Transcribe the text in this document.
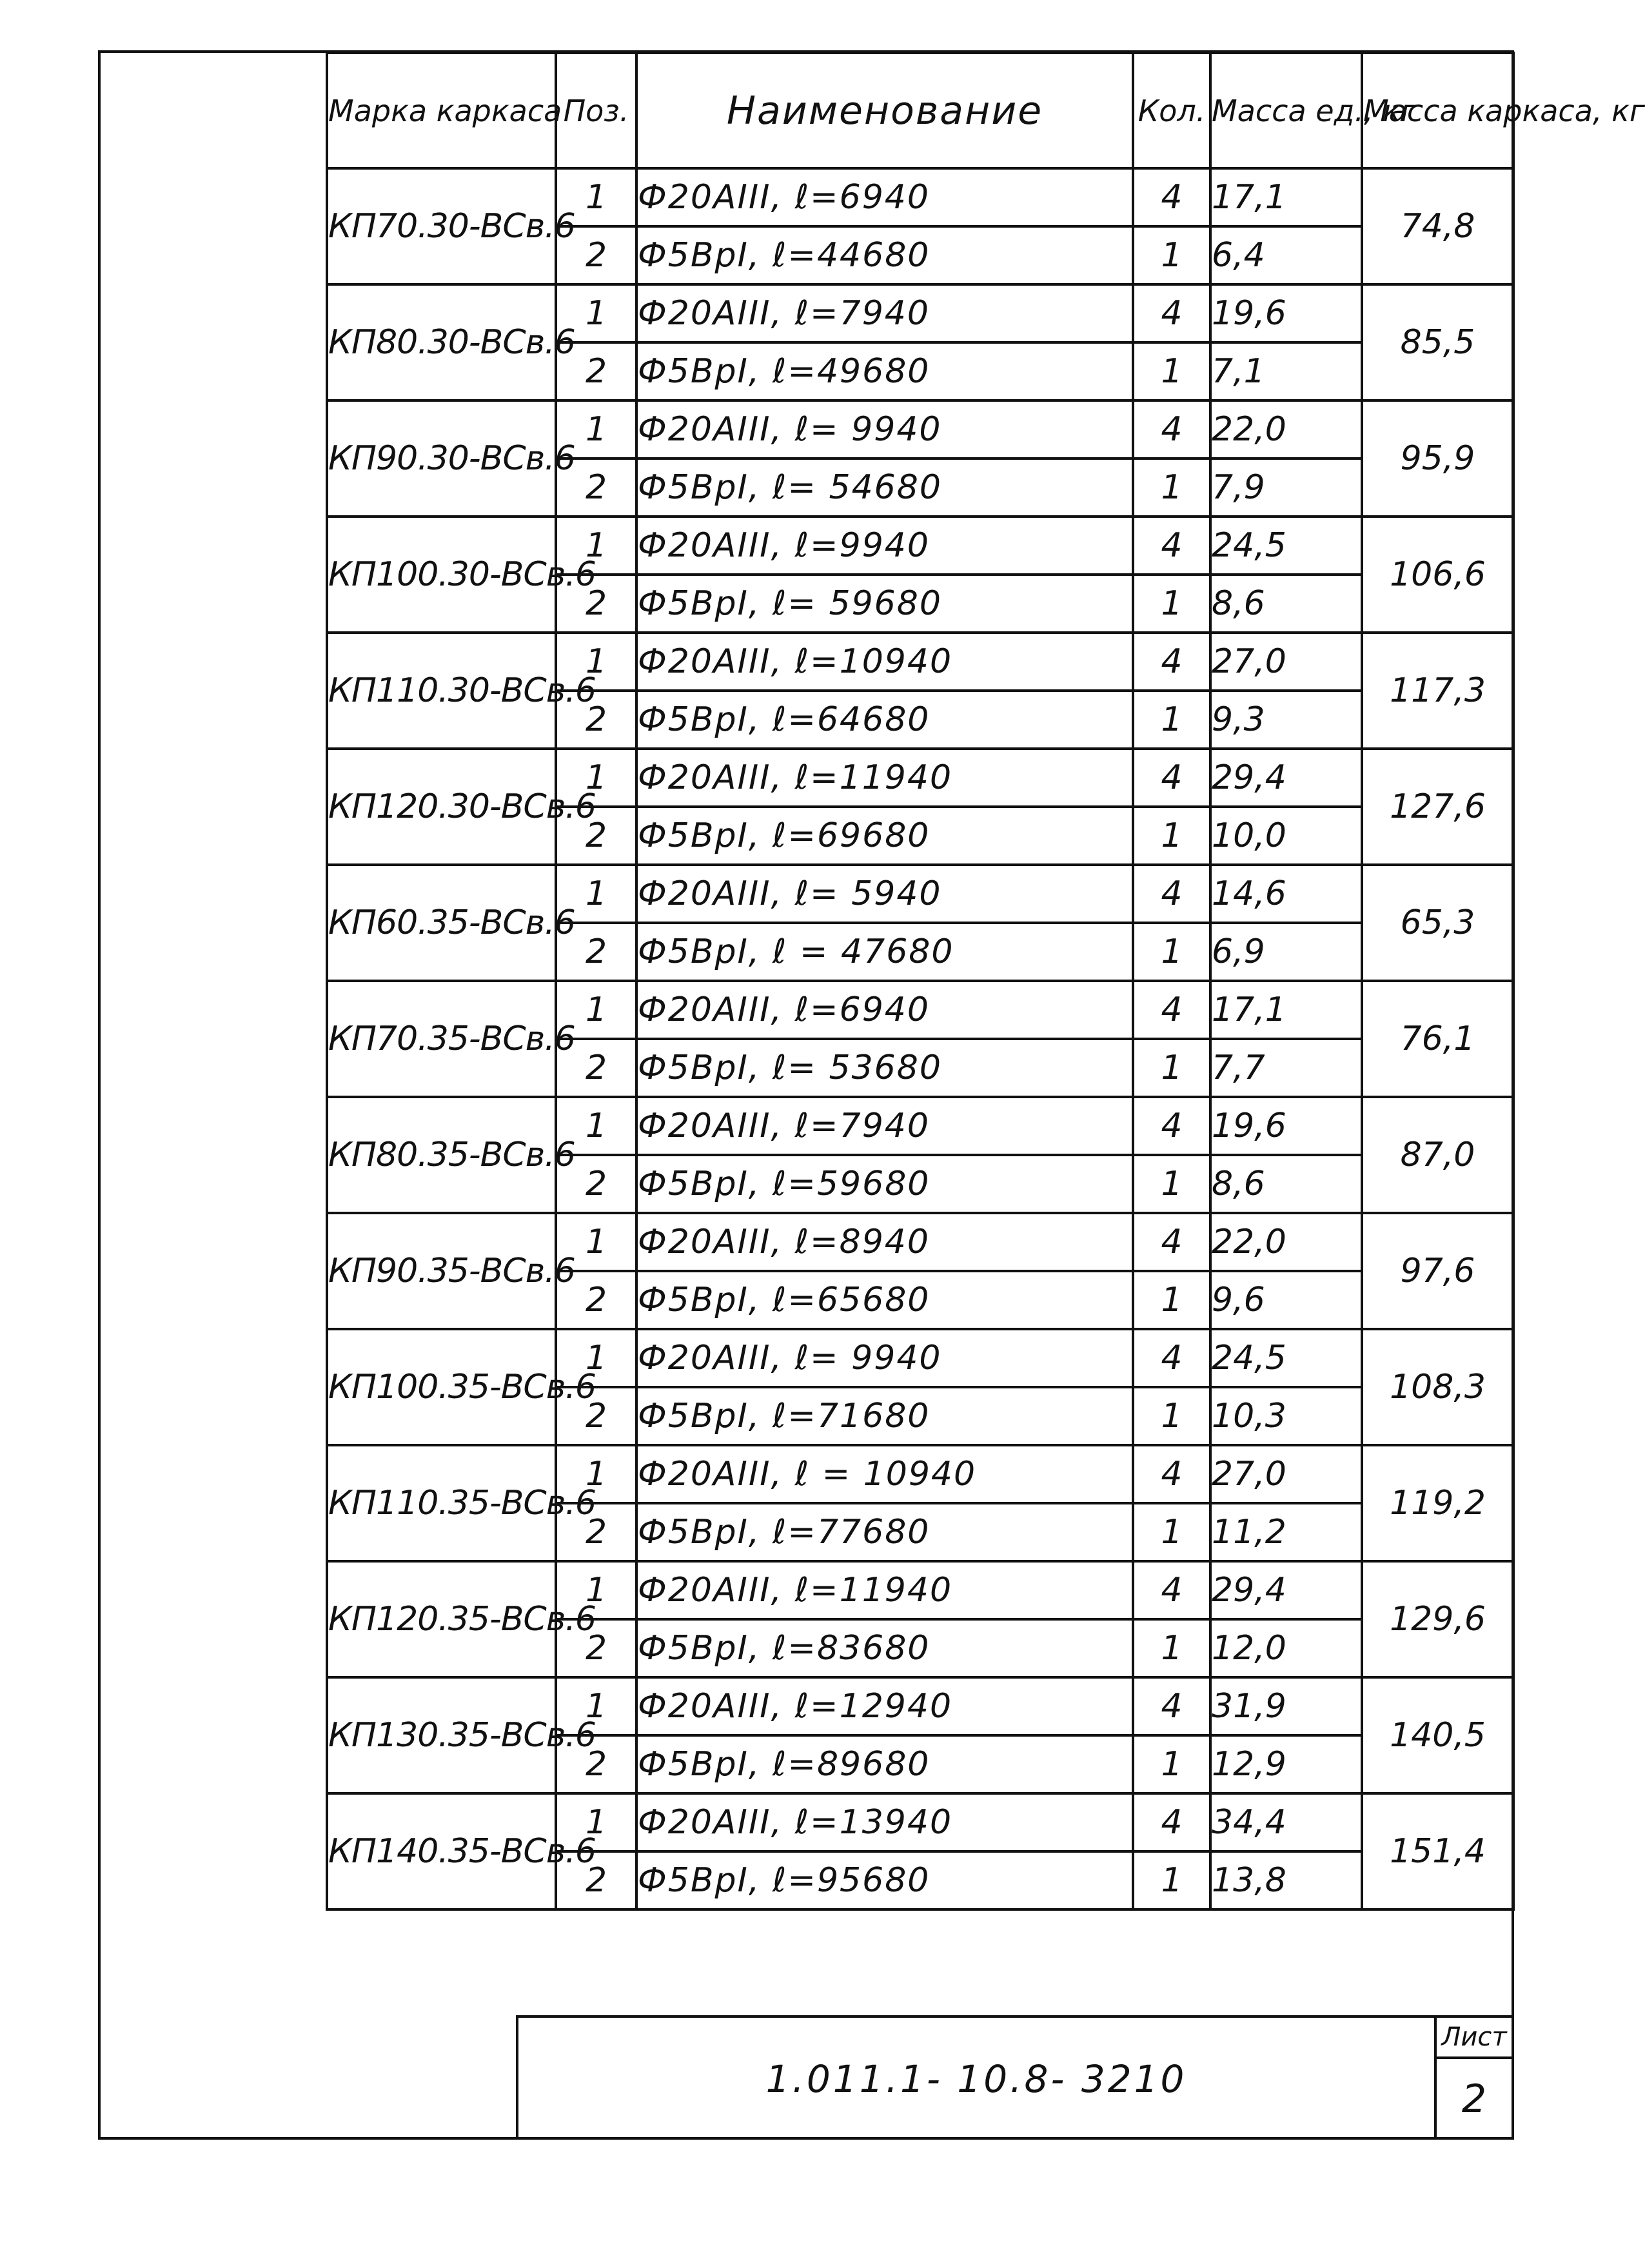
Марка каркаса	Поз.	Наименование	Кол.	Масса ед., кг	Масса каркаса, кг
КП70.30-ВСв.6	1	Ф20АIII, ℓ=6940	4	17,1	74,8
	2	Ф5ВрI, ℓ=44680	1	6,4	
КП80.30-ВСв.6	1	Ф20АIII, ℓ=7940	4	19,6	85,5
	2	Ф5ВрI, ℓ=49680	1	7,1	
КП90.30-ВСв.6	1	Ф20АIII, ℓ= 9940	4	22,0	95,9
	2	Ф5ВрI, ℓ= 54680	1	7,9	
КП100.30-ВСв.6	1	Ф20АIII, ℓ=9940	4	24,5	106,6
	2	Ф5ВрI, ℓ= 59680	1	8,6	
КП110.30-ВСв.6	1	Ф20АIII, ℓ=10940	4	27,0	117,3
	2	Ф5ВрI, ℓ=64680	1	9,3	
КП120.30-ВСв.6	1	Ф20АIII, ℓ=11940	4	29,4	127,6
	2	Ф5ВрI, ℓ=69680	1	10,0	
КП60.35-ВСв.6	1	Ф20АIII, ℓ= 5940	4	14,6	65,3
	2	Ф5ВрI, ℓ = 47680	1	6,9	
КП70.35-ВСв.6	1	Ф20АIII, ℓ=6940	4	17,1	76,1
	2	Ф5ВрI, ℓ= 53680	1	7,7	
КП80.35-ВСв.6	1	Ф20АIII, ℓ=7940	4	19,6	87,0
	2	Ф5ВрI, ℓ=59680	1	8,6	
КП90.35-ВСв.6	1	Ф20АIII, ℓ=8940	4	22,0	97,6
	2	Ф5ВрI, ℓ=65680	1	9,6	
КП100.35-ВСв.6	1	Ф20АIII, ℓ= 9940	4	24,5	108,3
	2	Ф5ВрI, ℓ=71680	1	10,3	
КП110.35-ВСв.6	1	Ф20АIII, ℓ = 10940	4	27,0	119,2
	2	Ф5ВрI, ℓ=77680	1	11,2	
КП120.35-ВСв.6	1	Ф20АIII, ℓ=11940	4	29,4	129,6
	2	Ф5ВрI, ℓ=83680	1	12,0	
КП130.35-ВСв.6	1	Ф20АIII, ℓ=12940	4	31,9	140,5
	2	Ф5ВрI, ℓ=89680	1	12,9	
КП140.35-ВСв.6	1	Ф20АIII, ℓ=13940	4	34,4	151,4
	2	Ф5ВрI, ℓ=95680	1	13,8	
1.011.1- 10.8- 3210
Лист
2
